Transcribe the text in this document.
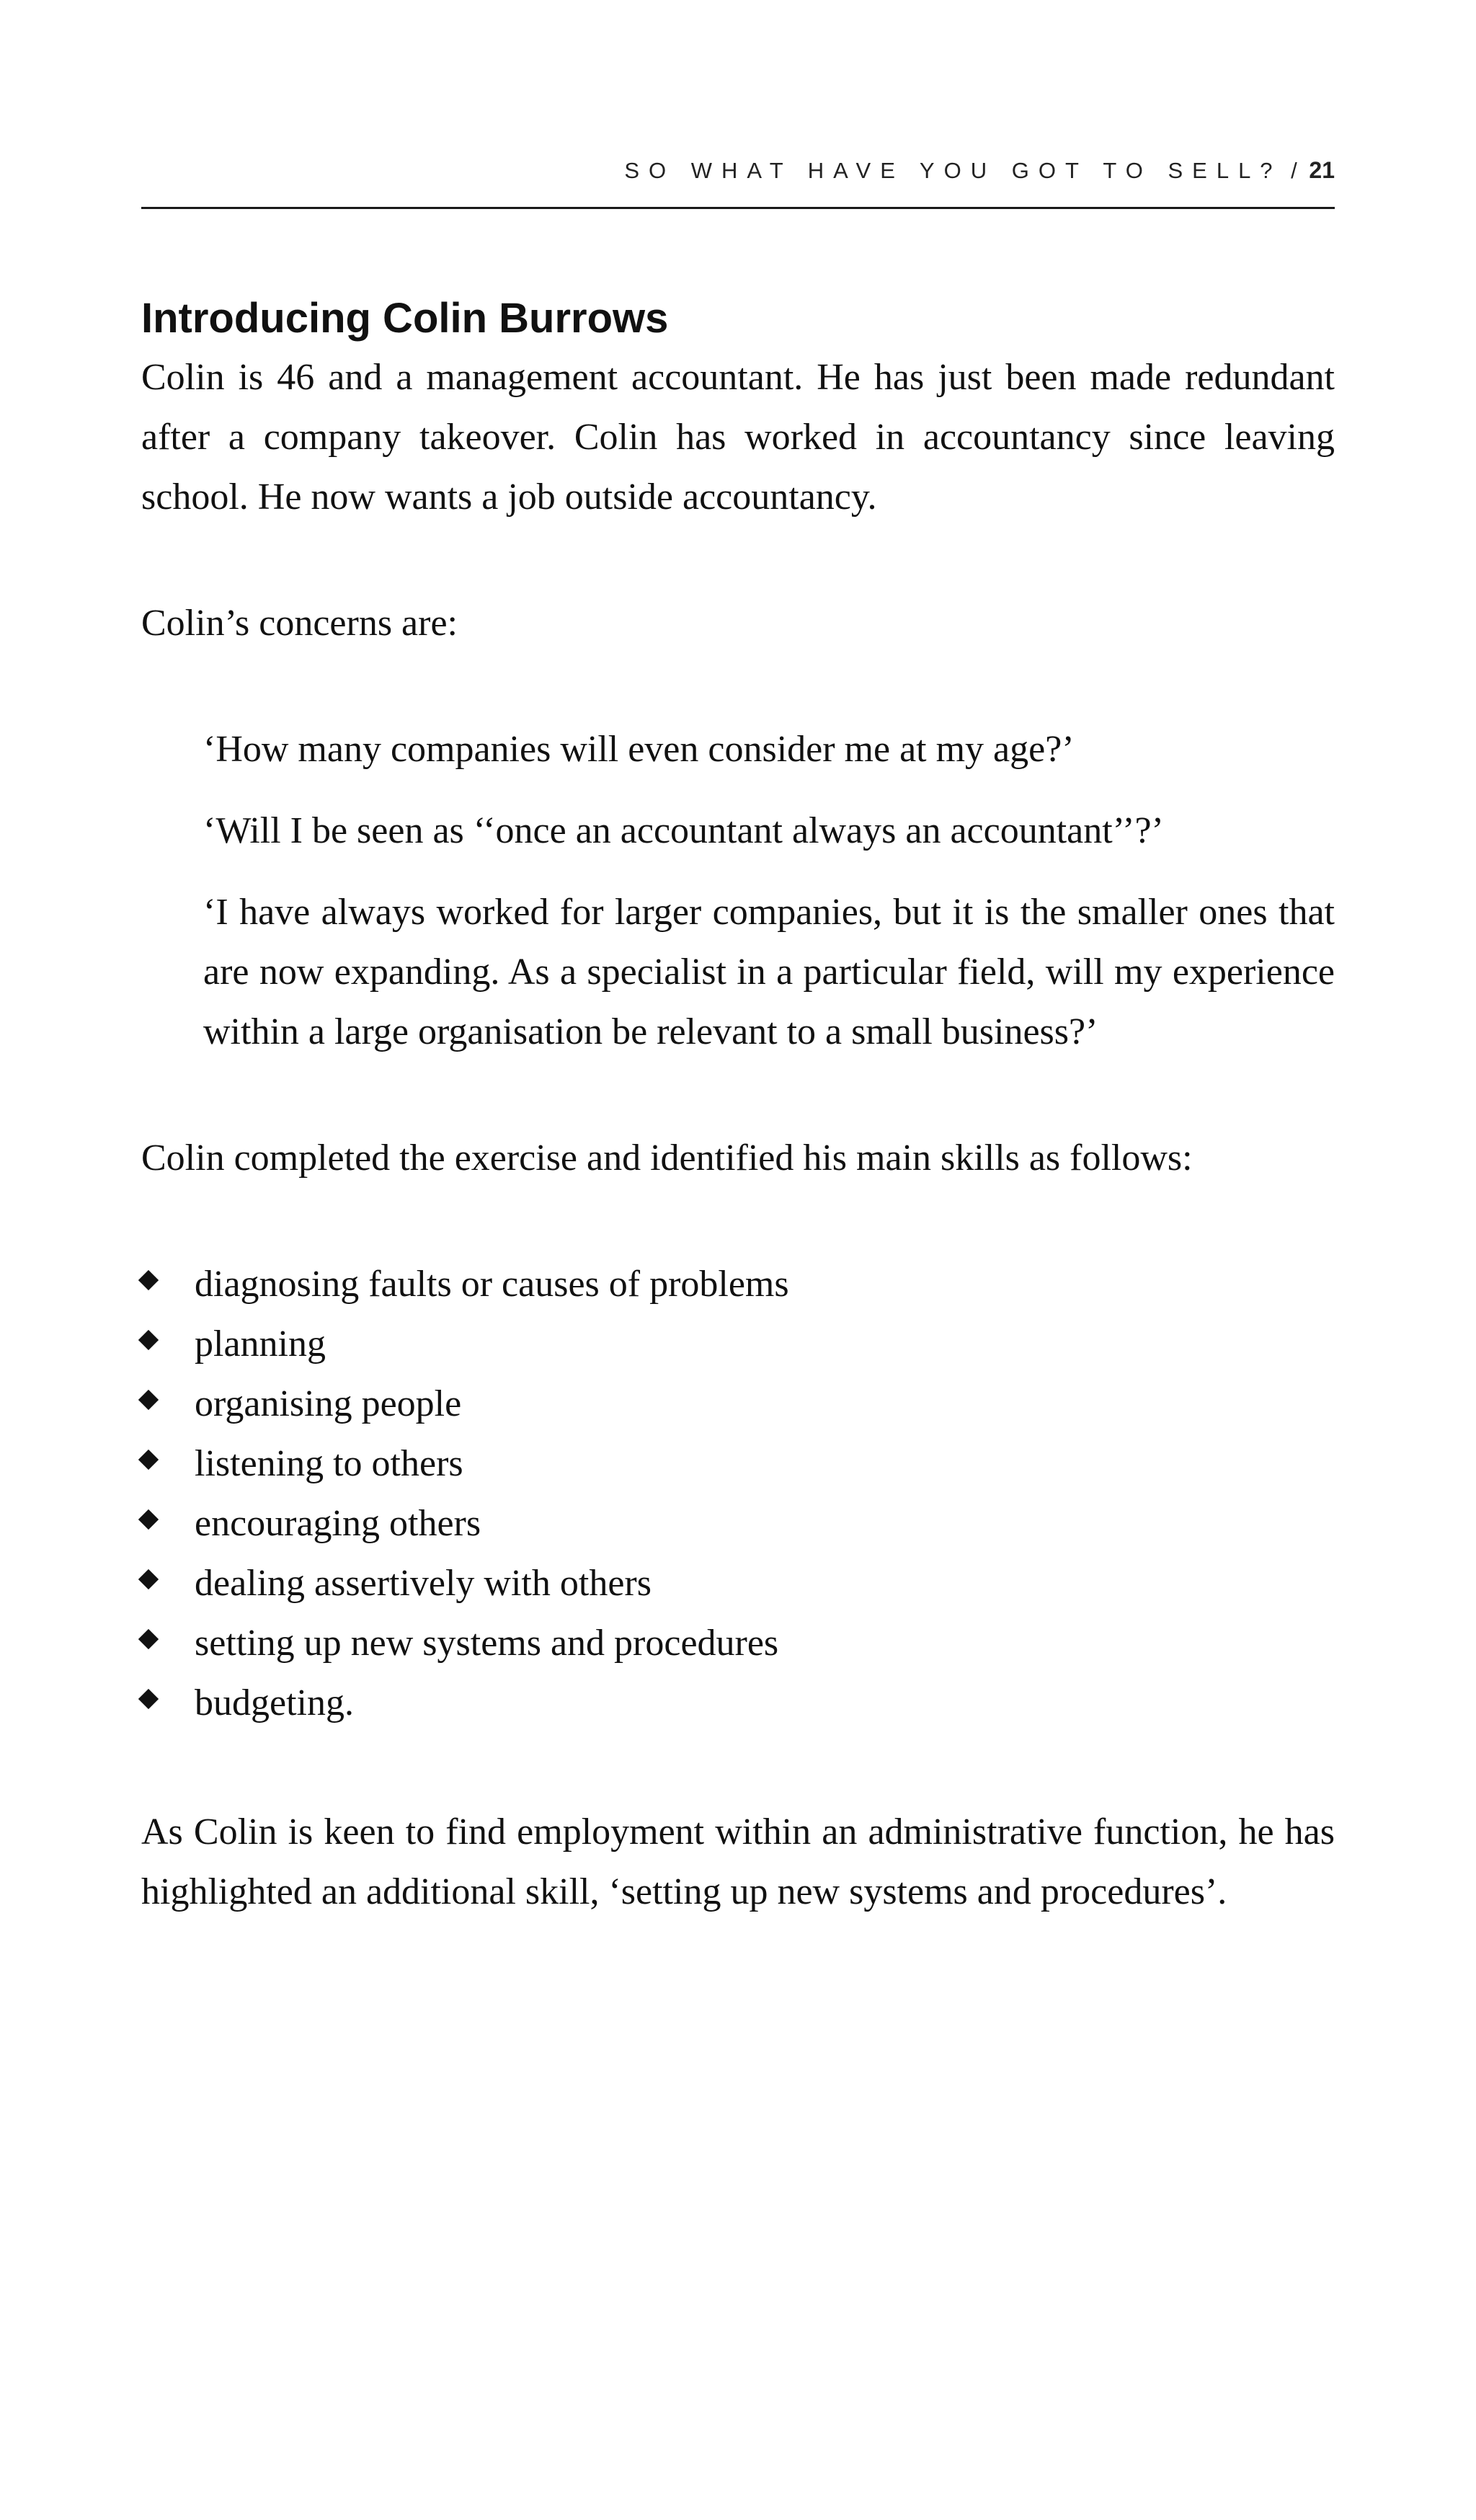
SO WHAT HAVE YOU GOT TO SELL? / 21
Introducing Colin Burrows

Colin is 46 and a management accountant. He has just been made redundant after a company takeover. Colin has worked in accountancy since leaving school. He now wants a job outside accountancy.

Colin’s concerns are:

‘How many companies will even consider me at my age?’

‘Will I be seen as ‘‘once an accountant always an accountant’’?’

‘I have always worked for larger companies, but it is the smaller ones that are now expanding. As a specialist in a particular field, will my experience within a large organisation be relevant to a small business?’

Colin completed the exercise and identified his main skills as follows:

diagnosing faults or causes of problems
planning
organising people
listening to others
encouraging others
dealing assertively with others
setting up new systems and procedures
budgeting.

As Colin is keen to find employment within an administrative function, he has highlighted an additional skill, ‘setting up new systems and procedures’.
